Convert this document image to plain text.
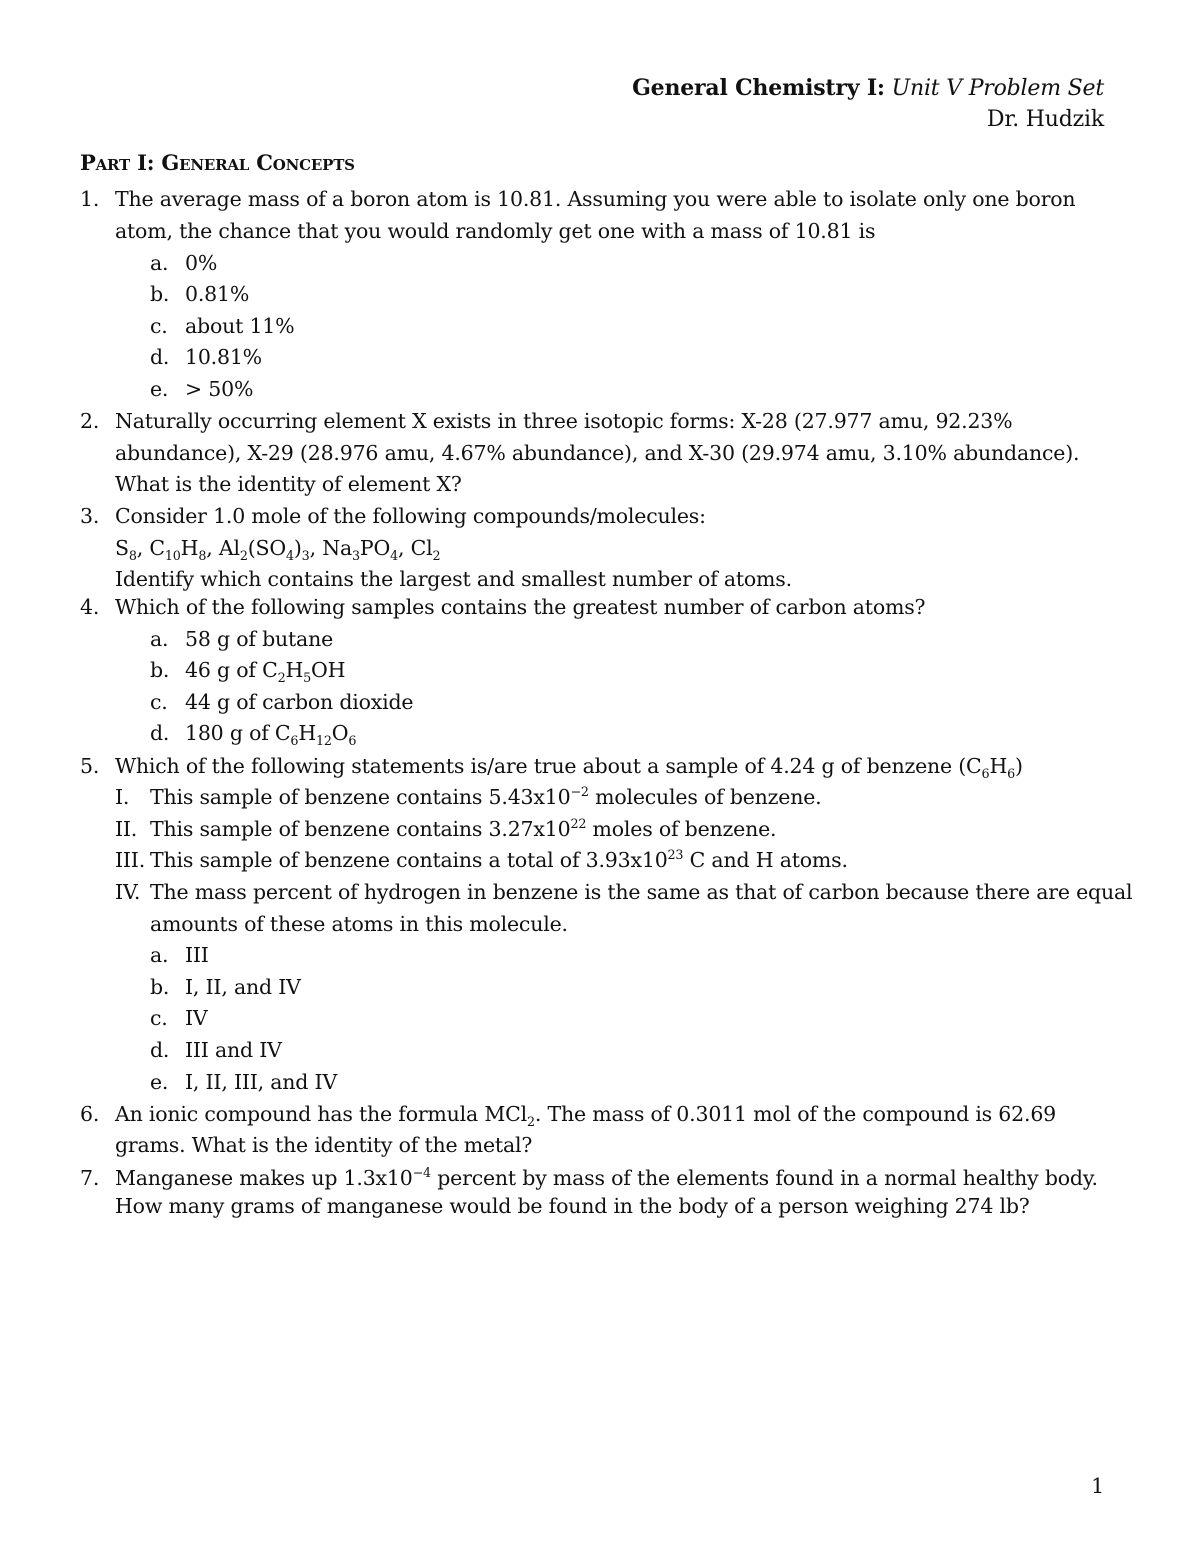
General Chemistry I: Unit V Problem Set
Dr. Hudzik
Part I: General Concepts
1. The average mass of a boron atom is 10.81. Assuming you were able to isolate only one boron
atom, the chance that you would randomly get one with a mass of 10.81 is
a. 0%
b. 0.81%
c. about 11%
d. 10.81%
e. > 50%
2. Naturally occurring element X exists in three isotopic forms: X-28 (27.977 amu, 92.23%
abundance), X-29 (28.976 amu, 4.67% abundance), and X-30 (29.974 amu, 3.10% abundance).
What is the identity of element X?
3. Consider 1.0 mole of the following compounds/molecules:
$S_8$, $C_{10}H_8$, $Al_2(SO_4)_3$, $Na_3PO_4$, $Cl_2$
Identify which contains the largest and smallest number of atoms.
4. Which of the following samples contains the greatest number of carbon atoms?
a. 58 g of butane
b. 46 g of $C_2H_5OH$
c. 44 g of carbon dioxide
d. 180 g of $C_6H_{12}O_6$
5. Which of the following statements is/are true about a sample of 4.24 g of benzene $(C_6H_6)$
I. This sample of benzene contains $5.43x10^{-2}$ molecules of benzene.
II. This sample of benzene contains $3.27x10^{22}$ moles of benzene.
III. This sample of benzene contains a total of $3.93x10^{23}$ C and H atoms.
IV. The mass percent of hydrogen in benzene is the same as that of carbon because there are equal
amounts of these atoms in this molecule.
a. III
b. I, II, and IV
c. IV
d. III and IV
e. I, II, III, and IV
6. An ionic compound has the formula MCl$_2$. The mass of 0.3011 mol of the compound is 62.69
grams. What is the identity of the metal?
7. Manganese makes up $1.3x10^{-4}$ percent by mass of the elements found in a normal healthy body.
How many grams of manganese would be found in the body of a person weighing 274 lb?
1
